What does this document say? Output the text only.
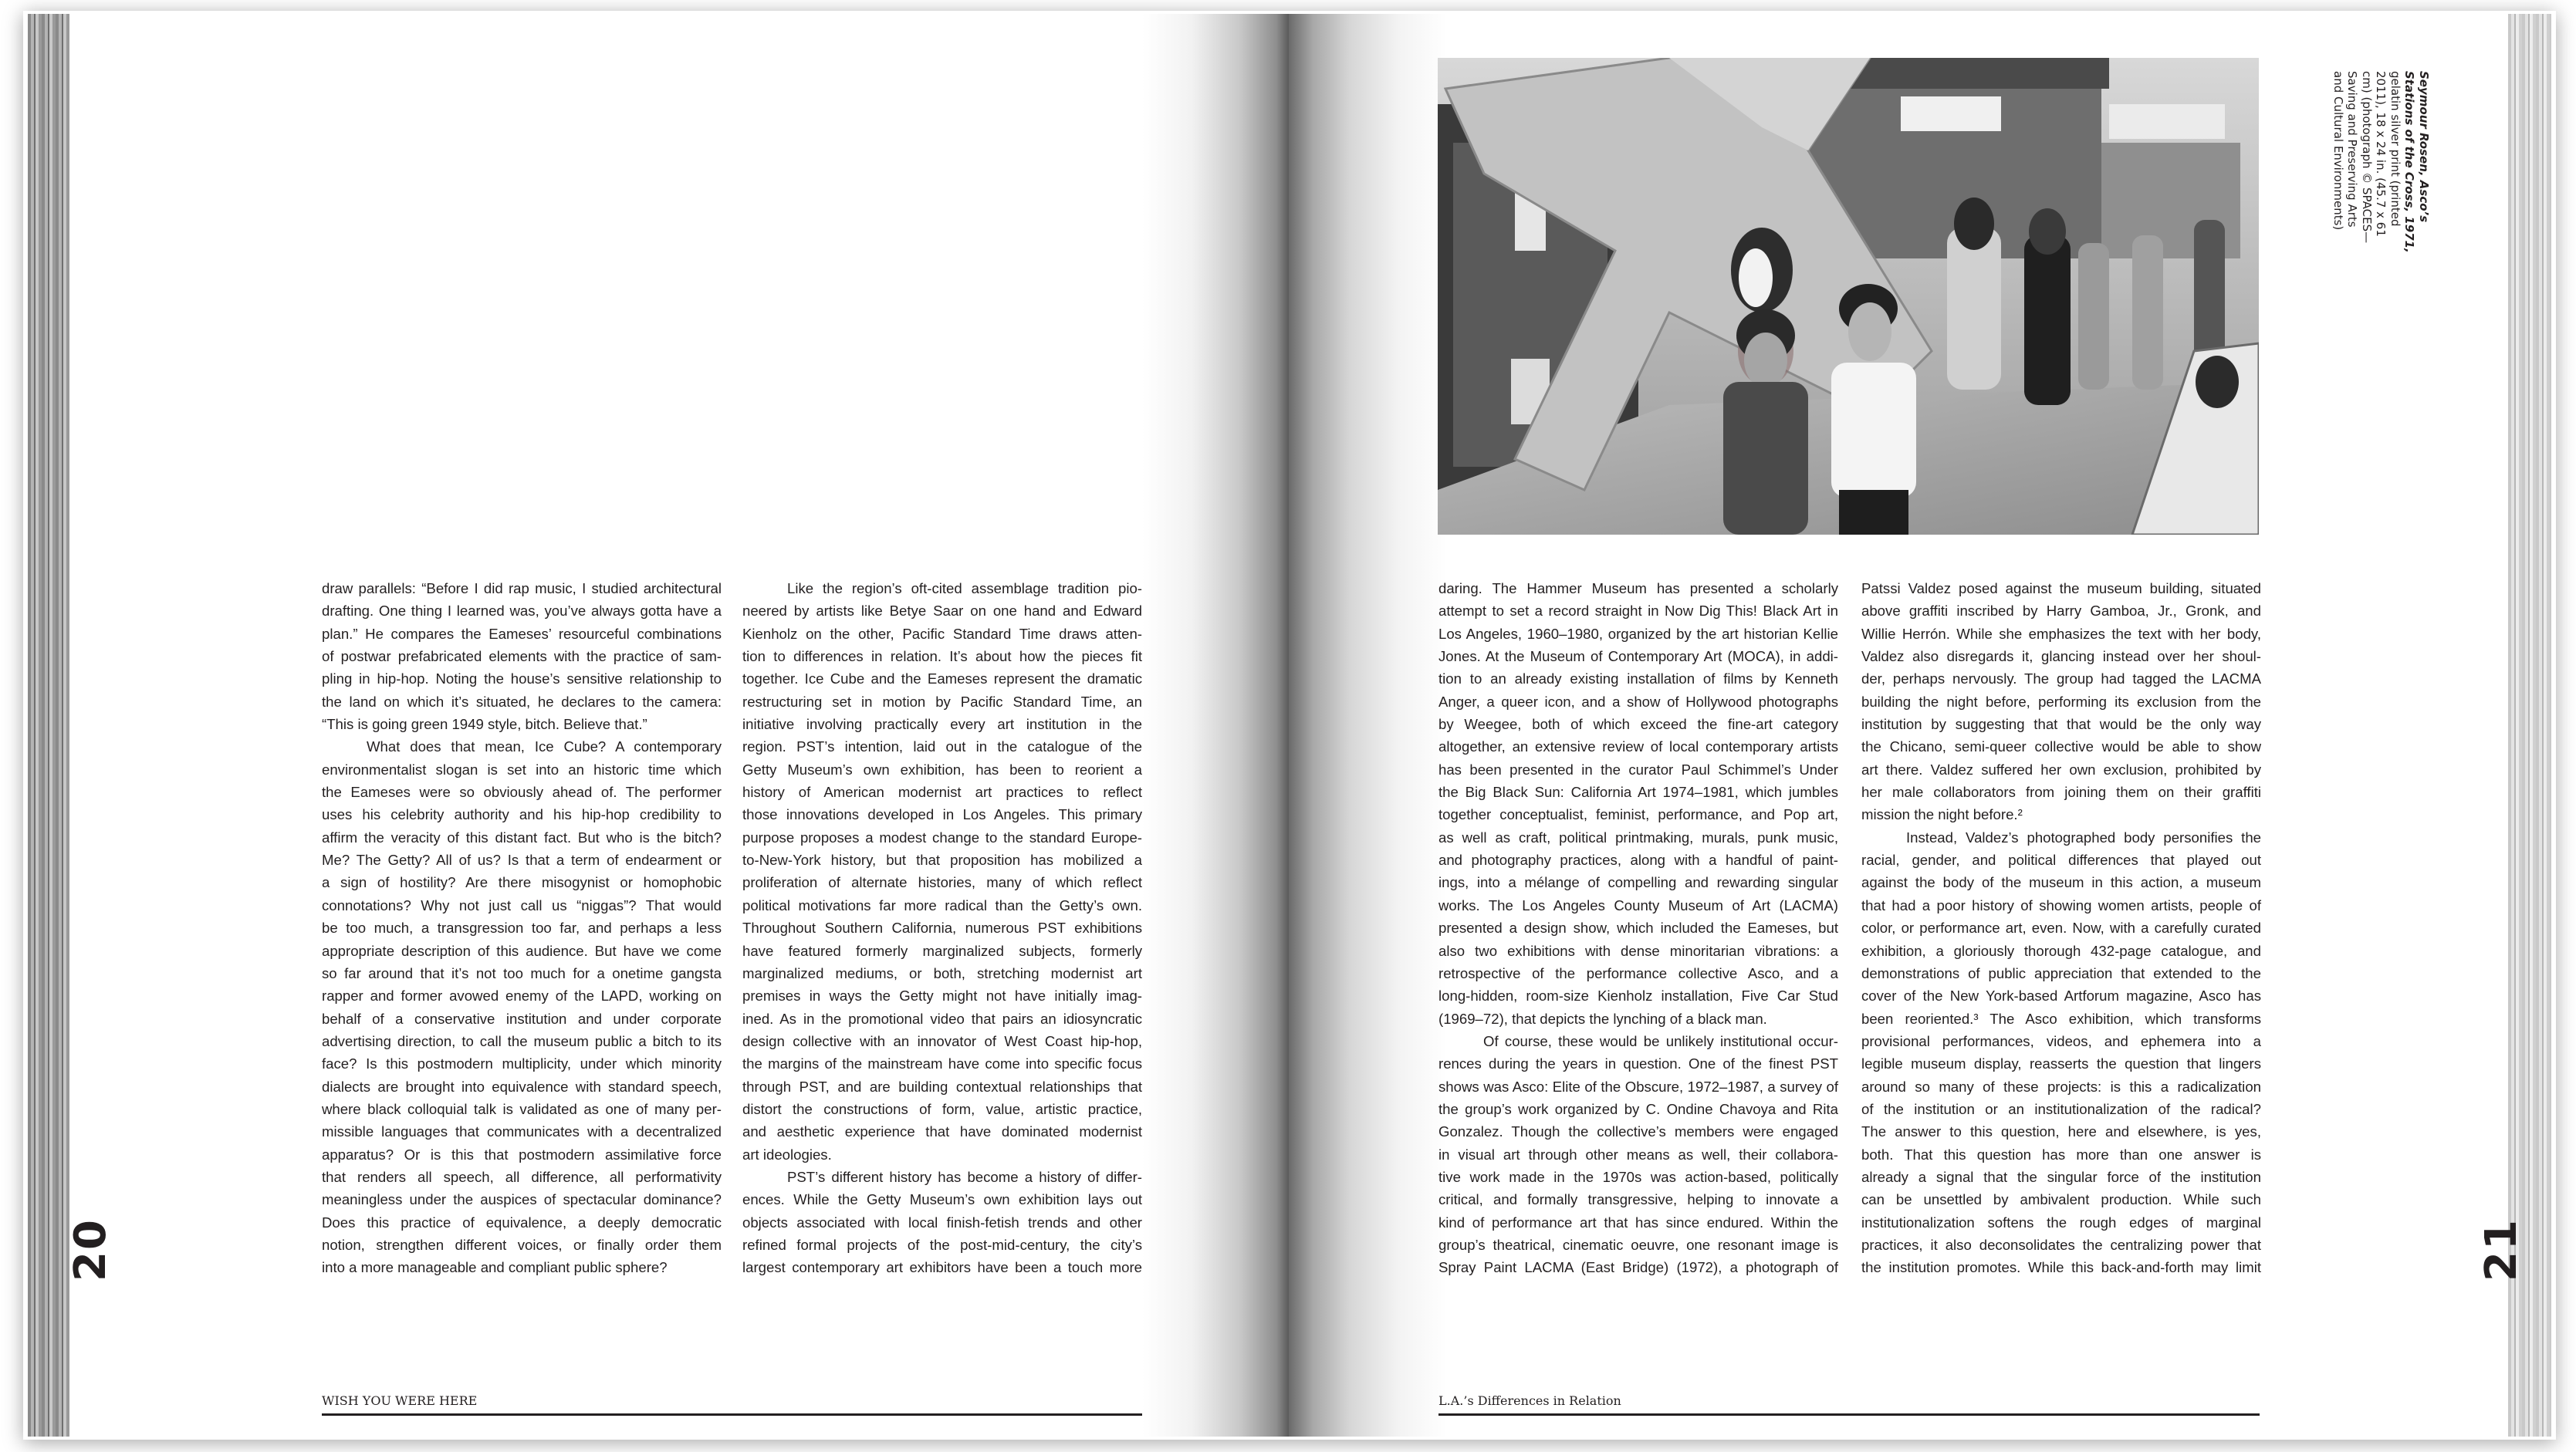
20
draw parallels: “Before I did rap music, I studied architectural
drafting. One thing I learned was, you’ve always gotta have a
plan.” He compares the Eameses’ resourceful combinations
of postwar prefabricated elements with the practice of sam-
pling in hip-hop. Noting the house’s sensitive relationship to
the land on which it’s situated, he declares to the camera:
“This is going green 1949 style, bitch. Believe that.”
What does that mean, Ice Cube? A contemporary
environmentalist slogan is set into an historic time which
the Eameses were so obviously ahead of. The performer
uses his celebrity authority and his hip-hop credibility to
affirm the veracity of this distant fact. But who is the bitch?
Me? The Getty? All of us? Is that a term of endearment or
a sign of hostility? Are there misogynist or homophobic
connotations? Why not just call us “niggas”? That would
be too much, a transgression too far, and perhaps a less
appropriate description of this audience. But have we come
so far around that it’s not too much for a onetime gangsta
rapper and former avowed enemy of the LAPD, working on
behalf of a conservative institution and under corporate
advertising direction, to call the museum public a bitch to its
face? Is this postmodern multiplicity, under which minority
dialects are brought into equivalence with standard speech,
where black colloquial talk is validated as one of many per-
missible languages that communicates with a decentralized
apparatus? Or is this that postmodern assimilative force
that renders all speech, all difference, all performativity
meaningless under the auspices of spectacular dominance?
Does this practice of equivalence, a deeply democratic
notion, strengthen different voices, or finally order them
into a more manageable and compliant public sphere?
Like the region’s oft-cited assemblage tradition pio-
neered by artists like Betye Saar on one hand and Edward
Kienholz on the other, Pacific Standard Time draws atten-
tion to differences in relation. It’s about how the pieces fit
together. Ice Cube and the Eameses represent the dramatic
restructuring set in motion by Pacific Standard Time, an
initiative involving practically every art institution in the
region. PST’s intention, laid out in the catalogue of the
Getty Museum’s own exhibition, has been to reorient a
history of American modernist art practices to reflect
those innovations developed in Los Angeles. This primary
purpose proposes a modest change to the standard Europe-
to-New-York history, but that proposition has mobilized a
proliferation of alternate histories, many of which reflect
political motivations far more radical than the Getty’s own.
Throughout Southern California, numerous PST exhibitions
have featured formerly marginalized subjects, formerly
marginalized mediums, or both, stretching modernist art
premises in ways the Getty might not have initially imag-
ined. As in the promotional video that pairs an idiosyncratic
design collective with an innovator of West Coast hip-hop,
the margins of the mainstream have come into specific focus
through PST, and are building contextual relationships that
distort the constructions of form, value, artistic practice,
and aesthetic experience that have dominated modernist
art ideologies.
PST’s different history has become a history of differ-
ences. While the Getty Museum’s own exhibition lays out
objects associated with local finish-fetish trends and other
refined formal projects of the post-mid-century, the city’s
largest contemporary art exhibitors have been a touch more
WISH YOU WERE HERE
Seymour Rosen, Asco’s
Stations of the Cross, 1971,
gelatin silver print (printed
2011), 18 x 24 in. (45.7 x 61
cm) (photograph © SPACES—
Saving and Preserving Arts
and Cultural Environments)
daring. The Hammer Museum has presented a scholarly
attempt to set a record straight in Now Dig This! Black Art in
Los Angeles, 1960–1980, organized by the art historian Kellie
Jones. At the Museum of Contemporary Art (MOCA), in addi-
tion to an already existing installation of films by Kenneth
Anger, a queer icon, and a show of Hollywood photographs
by Weegee, both of which exceed the fine-art category
altogether, an extensive review of local contemporary artists
has been presented in the curator Paul Schimmel’s Under
the Big Black Sun: California Art 1974–1981, which jumbles
together conceptualist, feminist, performance, and Pop art,
as well as craft, political printmaking, murals, punk music,
and photography practices, along with a handful of paint-
ings, into a mélange of compelling and rewarding singular
works. The Los Angeles County Museum of Art (LACMA)
presented a design show, which included the Eameses, but
also two exhibitions with dense minoritarian vibrations: a
retrospective of the performance collective Asco, and a
long-hidden, room-size Kienholz installation, Five Car Stud
(1969–72), that depicts the lynching of a black man.
Of course, these would be unlikely institutional occur-
rences during the years in question. One of the finest PST
shows was Asco: Elite of the Obscure, 1972–1987, a survey of
the group’s work organized by C. Ondine Chavoya and Rita
Gonzalez. Though the collective’s members were engaged
in visual art through other means as well, their collabora-
tive work made in the 1970s was action-based, politically
critical, and formally transgressive, helping to innovate a
kind of performance art that has since endured. Within the
group’s theatrical, cinematic oeuvre, one resonant image is
Spray Paint LACMA (East Bridge) (1972), a photograph of
Patssi Valdez posed against the museum building, situated
above graffiti inscribed by Harry Gamboa, Jr., Gronk, and
Willie Herrón. While she emphasizes the text with her body,
Valdez also disregards it, glancing instead over her shoul-
der, perhaps nervously. The group had tagged the LACMA
building the night before, performing its exclusion from the
institution by suggesting that that would be the only way
the Chicano, semi-queer collective would be able to show
art there. Valdez suffered her own exclusion, prohibited by
her male collaborators from joining them on their graffiti
mission the night before.²
Instead, Valdez’s photographed body personifies the
racial, gender, and political differences that played out
against the body of the museum in this action, a museum
that had a poor history of showing women artists, people of
color, or performance art, even. Now, with a carefully curated
exhibition, a gloriously thorough 432-page catalogue, and
demonstrations of public appreciation that extended to the
cover of the New York-based Artforum magazine, Asco has
been reoriented.³ The Asco exhibition, which transforms
provisional performances, videos, and ephemera into a
legible museum display, reasserts the question that lingers
around so many of these projects: is this a radicalization
of the institution or an institutionalization of the radical?
The answer to this question, here and elsewhere, is yes,
both. That this question has more than one answer is
already a signal that the singular force of the institution
can be unsettled by ambivalent production. While such
institutionalization softens the rough edges of marginal
practices, it also deconsolidates the centralizing power that
the institution promotes. While this back-and-forth may limit	21
L.A.’s Differences in Relation
